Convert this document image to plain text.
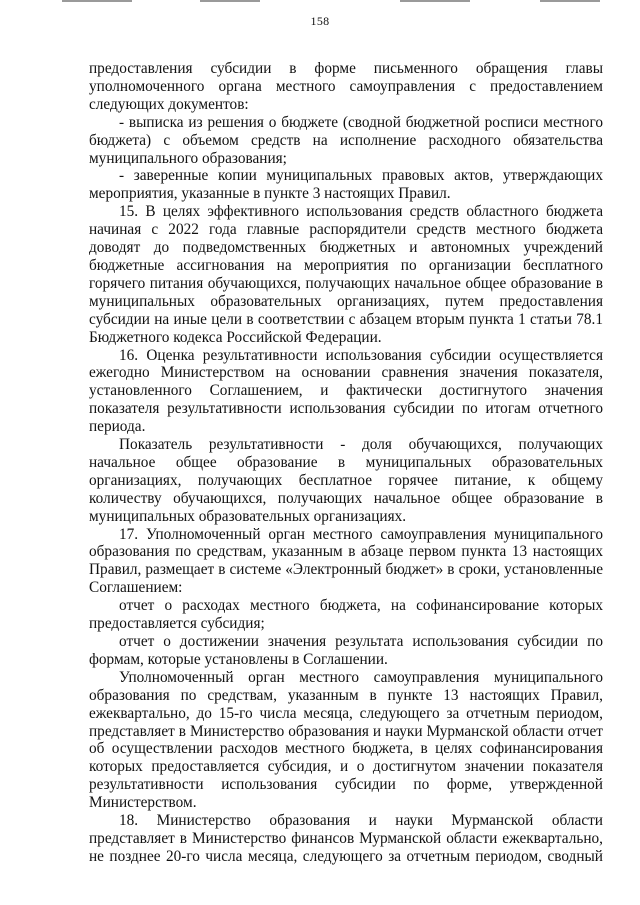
158

предоставления субсидии в форме письменного обращения главы уполномоченного органа местного самоуправления с предоставлением следующих документов:

- выписка из решения о бюджете (сводной бюджетной росписи местного бюджета) с объемом средств на исполнение расходного обязательства муниципального образования;

- заверенные копии муниципальных правовых актов, утверждающих мероприятия, указанные в пункте 3 настоящих Правил.

15. В целях эффективного использования средств областного бюджета начиная с 2022 года главные распорядители средств местного бюджета доводят до подведомственных бюджетных и автономных учреждений бюджетные ассигнования на мероприятия по организации бесплатного горячего питания обучающихся, получающих начальное общее образование в муниципальных образовательных организациях, путем предоставления субсидии на иные цели в соответствии с абзацем вторым пункта 1 статьи 78.1 Бюджетного кодекса Российской Федерации.

16. Оценка результативности использования субсидии осуществляется ежегодно Министерством на основании сравнения значения показателя, установленного Соглашением, и фактически достигнутого значения показателя результативности использования субсидии по итогам отчетного периода.

Показатель результативности - доля обучающихся, получающих начальное общее образование в муниципальных образовательных организациях, получающих бесплатное горячее питание, к общему количеству обучающихся, получающих начальное общее образование в муниципальных образовательных организациях.

17. Уполномоченный орган местного самоуправления муниципального образования по средствам, указанным в абзаце первом пункта 13 настоящих Правил, размещает в системе «Электронный бюджет» в сроки, установленные Соглашением:

отчет о расходах местного бюджета, на софинансирование которых предоставляется субсидия;

отчет о достижении значения результата использования субсидии по формам, которые установлены в Соглашении.

Уполномоченный орган местного самоуправления муниципального образования по средствам, указанным в пункте 13 настоящих Правил, ежеквартально, до 15-го числа месяца, следующего за отчетным периодом, представляет в Министерство образования и науки Мурманской области отчет об осуществлении расходов местного бюджета, в целях софинансирования которых предоставляется субсидия, и о достигнутом значении показателя результативности использования субсидии по форме, утвержденной Министерством.

18. Министерство образования и науки Мурманской области представляет в Министерство финансов Мурманской области ежеквартально, не позднее 20-го числа месяца, следующего за отчетным периодом, сводный
